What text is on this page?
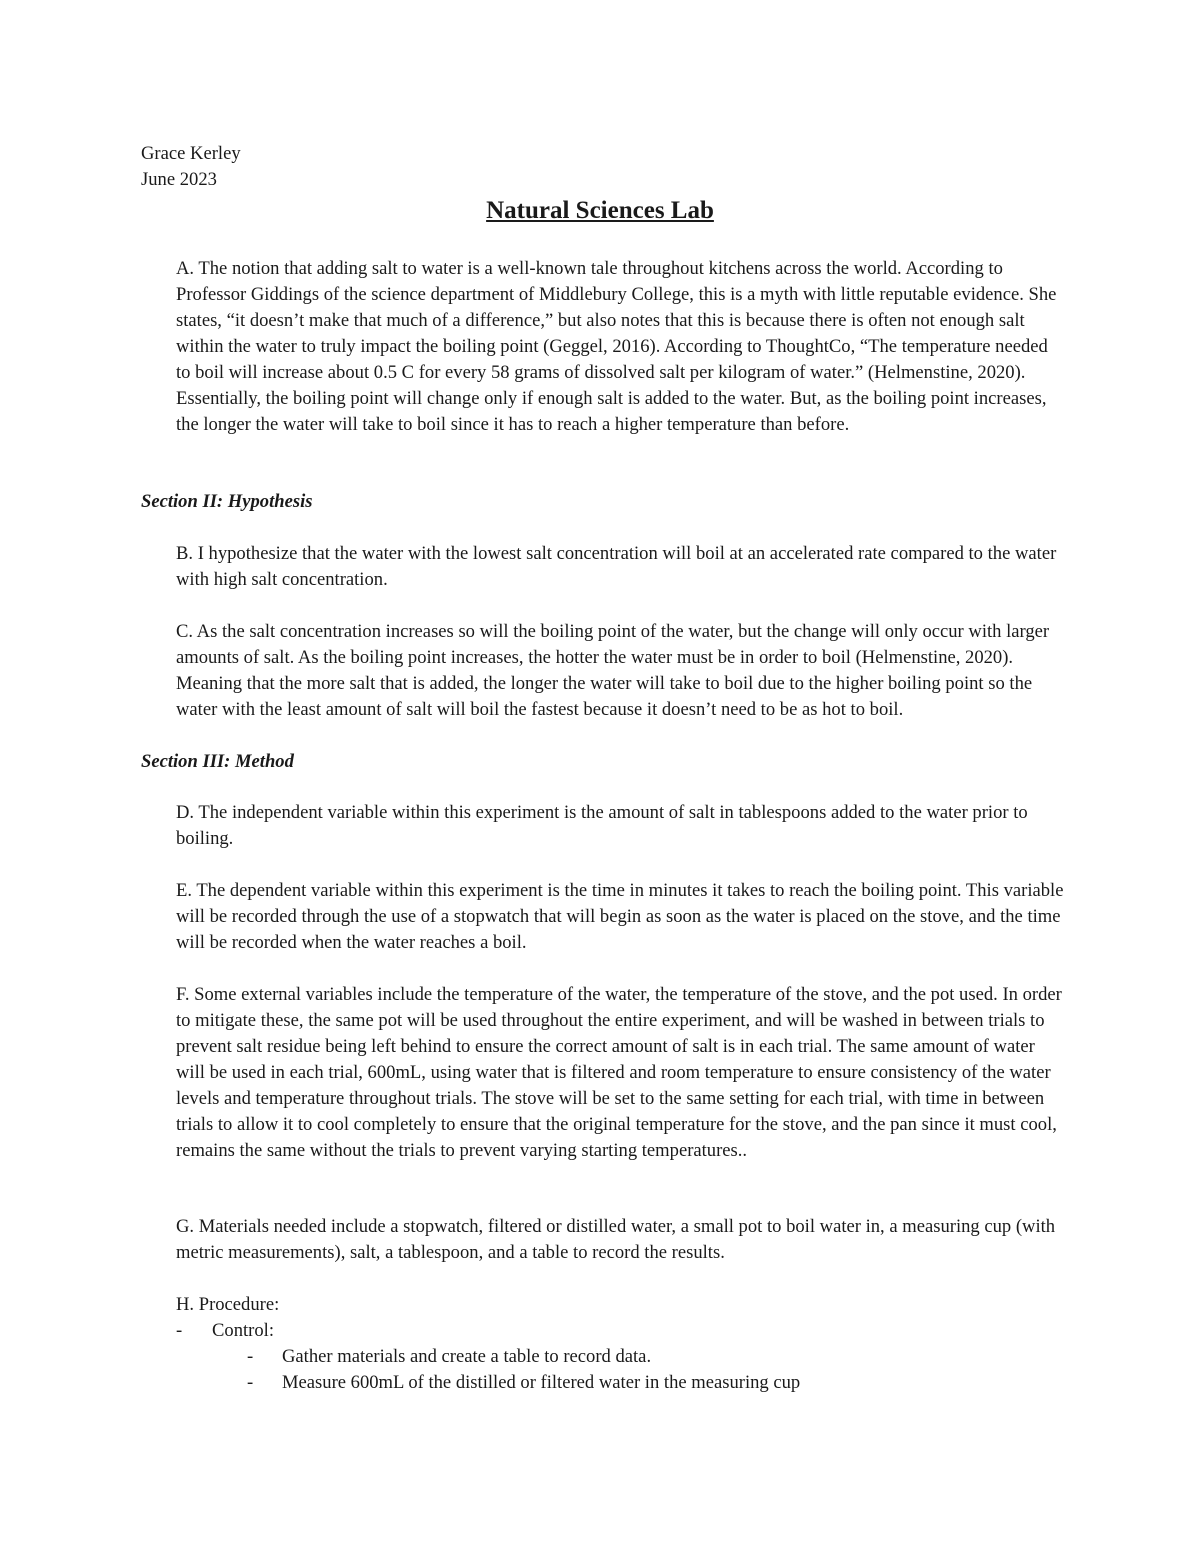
Grace Kerley
June 2023
Natural Sciences Lab

A. The notion that adding salt to water is a well-known tale throughout kitchens across the world. According to Professor Giddings of the science department of Middlebury College, this is a myth with little reputable evidence. She states, “it doesn’t make that much of a difference,” but also notes that this is because there is often not enough salt within the water to truly impact the boiling point (Geggel, 2016). According to ThoughtCo, “The temperature needed to boil will increase about 0.5 C for every 58 grams of dissolved salt per kilogram of water.” (Helmenstine, 2020). Essentially, the boiling point will change only if enough salt is added to the water. But, as the boiling point increases, the longer the water will take to boil since it has to reach a higher temperature than before.

Section II: Hypothesis

B. I hypothesize that the water with the lowest salt concentration will boil at an accelerated rate compared to the water with high salt concentration.

C. As the salt concentration increases so will the boiling point of the water, but the change will only occur with larger amounts of salt. As the boiling point increases, the hotter the water must be in order to boil (Helmenstine, 2020). Meaning that the more salt that is added, the longer the water will take to boil due to the higher boiling point so the water with the least amount of salt will boil the fastest because it doesn’t need to be as hot to boil.

Section III: Method

D. The independent variable within this experiment is the amount of salt in tablespoons added to the water prior to boiling.

E. The dependent variable within this experiment is the time in minutes it takes to reach the boiling point. This variable will be recorded through the use of a stopwatch that will begin as soon as the water is placed on the stove, and the time will be recorded when the water reaches a boil.

F. Some external variables include the temperature of the water, the temperature of the stove, and the pot used. In order to mitigate these, the same pot will be used throughout the entire experiment, and will be washed in between trials to prevent salt residue being left behind to ensure the correct amount of salt is in each trial. The same amount of water will be used in each trial, 600mL, using water that is filtered and room temperature to ensure consistency of the water levels and temperature throughout trials. The stove will be set to the same setting for each trial, with time in between trials to allow it to cool completely to ensure that the original temperature for the stove, and the pan since it must cool, remains the same without the trials to prevent varying starting temperatures..

G. Materials needed include a stopwatch, filtered or distilled water, a small pot to boil water in, a measuring cup (with metric measurements), salt, a tablespoon, and a table to record the results.

H. Procedure:

- Control:
- Gather materials and create a table to record data.
- Measure 600mL of the distilled or filtered water in the measuring cup
